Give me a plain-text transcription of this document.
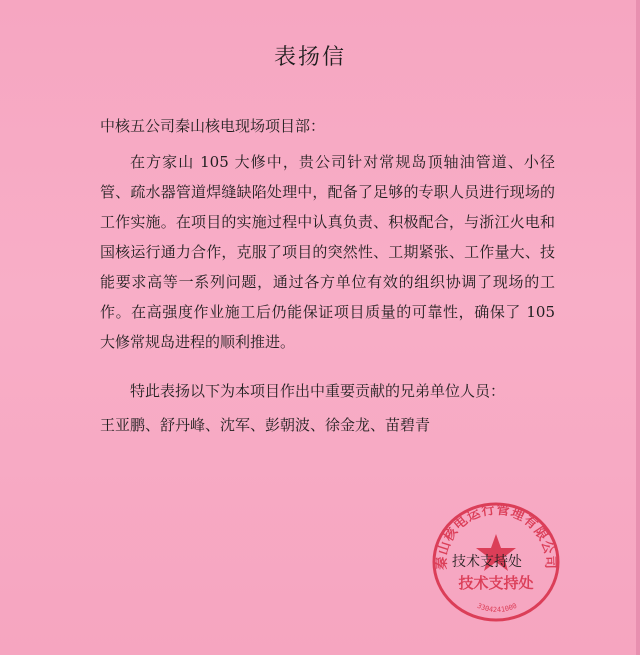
表扬信
中核五公司秦山核电现场项目部：
在方家山 105 大修中，贵公司针对常规岛顶轴油管道、小径管、疏水器管道焊缝缺陷处理中，配备了足够的专职人员进行现场的工作实施。在项目的实施过程中认真负责、积极配合，与浙江火电和国核运行通力合作，克服了项目的突然性、工期紧张、工作量大、技能要求高等一系列问题，通过各方单位有效的组织协调了现场的工作。在高强度作业施工后仍能保证项目质量的可靠性，确保了 105 大修常规岛进程的顺利推进。
特此表扬以下为本项目作出中重要贡献的兄弟单位人员：
王亚鹏、舒丹峰、沈军、彭朝波、徐金龙、苗碧青
秦山核电运行管理有限公司
技术支持处
3304241000
技术支持处
